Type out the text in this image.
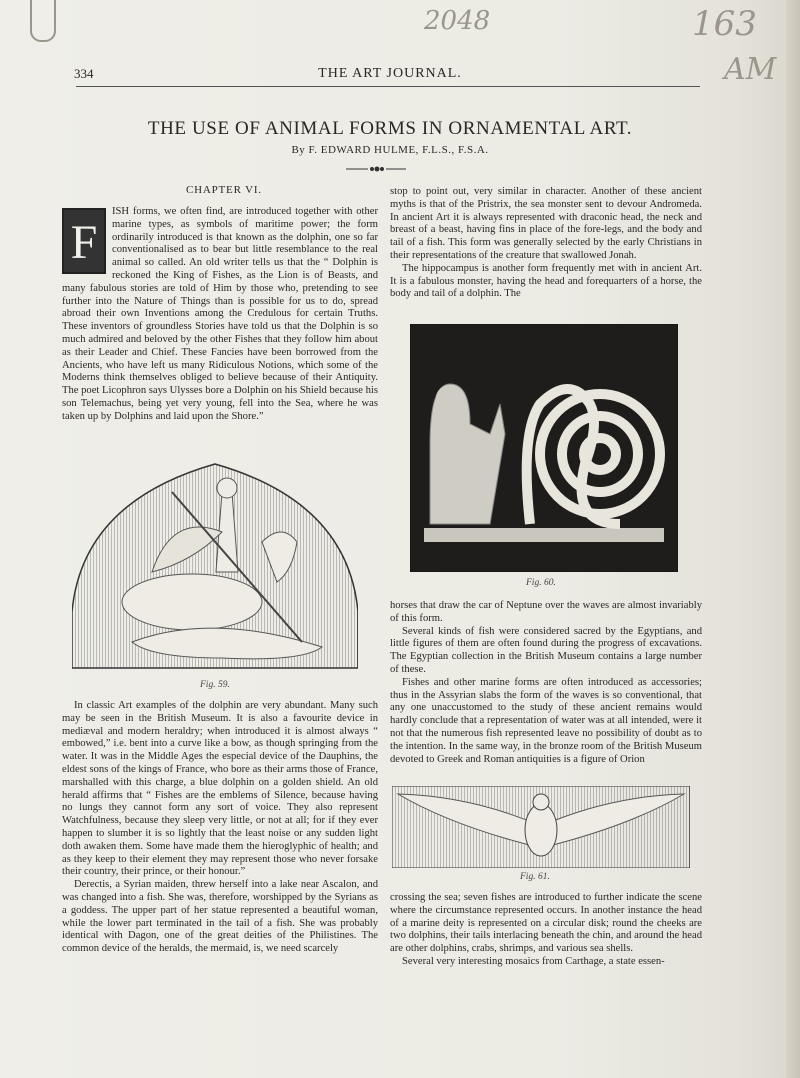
2048	163
AM
334	THE ART JOURNAL.
THE USE OF ANIMAL FORMS IN ORNAMENTAL ART.
By F. EDWARD HULME, F.L.S., F.S.A.
CHAPTER VI.
F

ISH forms, we often find, are introduced together with other marine types, as symbols of maritime power; the form ordinarily introduced is that known as the dolphin, one so far conventionalised as to bear but little resemblance to the real animal so called. An old writer tells us that the “ Dolphin is reckoned the King of Fishes, as the Lion is of Beasts, and many fabulous stories are told of Him by those who, pretending to see further into the Nature of Things than is possible for us to do, spread abroad their own Inventions among the Credulous for certain Truths. These inventors of groundless Stories have told us that the Dolphin is so much admired and beloved by the other Fishes that they follow him about as their Leader and Chief. These Fancies have been borrowed from the Ancients, who have left us many Ridiculous Notions, which some of the Moderns think themselves obliged to believe because of their Antiquity. The poet Licophron says Ulysses bore a Dolphin on his Shield because his son Telemachus, being yet very young, fell into the Sea, where he was taken up by Dolphins and laid upon the Shore.”

Fig. 59.

In classic Art examples of the dolphin are very abundant. Many such may be seen in the British Museum. It is also a favourite device in mediæval and modern heraldry; when introduced it is almost always “ embowed,” i.e. bent into a curve like a bow, as though springing from the water. It was in the Middle Ages the especial device of the Dauphins, the eldest sons of the kings of France, who bore as their arms those of France, marshalled with this charge, a blue dolphin on a golden shield. An old herald affirms that “ Fishes are the emblems of Silence, because having no lungs they cannot form any sort of voice. They also represent Watchfulness, because they sleep very little, or not at all; for if they ever happen to slumber it is so lightly that the least noise or any sudden light doth awaken them. Some have made them the hieroglyphic of health; and as they keep to their element they may represent those who never forsake their country, their prince, or their honour.”

Derectis, a Syrian maiden, threw herself into a lake near Ascalon, and was changed into a fish. She was, therefore, worshipped by the Syrians as a goddess. The upper part of her statue represented a beautiful woman, while the lower part terminated in the tail of a fish. She was probably identical with Dagon, one of the great deities of the Philistines. The common device of the heralds, the mermaid, is, we need scarcely

stop to point out, very similar in character. Another of these ancient myths is that of the Pristrix, the sea monster sent to devour Andromeda. In ancient Art it is always represented with draconic head, the neck and breast of a beast, having fins in place of the fore-legs, and the body and tail of a fish. This form was generally selected by the early Christians in their representations of the creature that swallowed Jonah.

The hippocampus is another form frequently met with in ancient Art. It is a fabulous monster, having the head and forequarters of a horse, the body and tail of a dolphin. The

Fig. 60.

horses that draw the car of Neptune over the waves are almost invariably of this form.

Several kinds of fish were considered sacred by the Egyptians, and little figures of them are often found during the progress of excavations. The Egyptian collection in the British Museum contains a large number of these.

Fishes and other marine forms are often introduced as accessories; thus in the Assyrian slabs the form of the waves is so conventional, that any one unaccustomed to the study of these ancient remains would hardly conclude that a representation of water was at all intended, were it not that the numerous fish represented leave no possibility of doubt as to the intention. In the same way, in the bronze room of the British Museum devoted to Greek and Roman antiquities is a figure of Orion

Fig. 61.

crossing the sea; seven fishes are introduced to further indicate the scene where the circumstance represented occurs. In another instance the head of a marine deity is represented on a circular disk; round the cheeks are two dolphins, their tails interlacing beneath the chin, and around the head are other dolphins, crabs, shrimps, and various sea shells.

Several very interesting mosaics from Carthage, a state essen-
